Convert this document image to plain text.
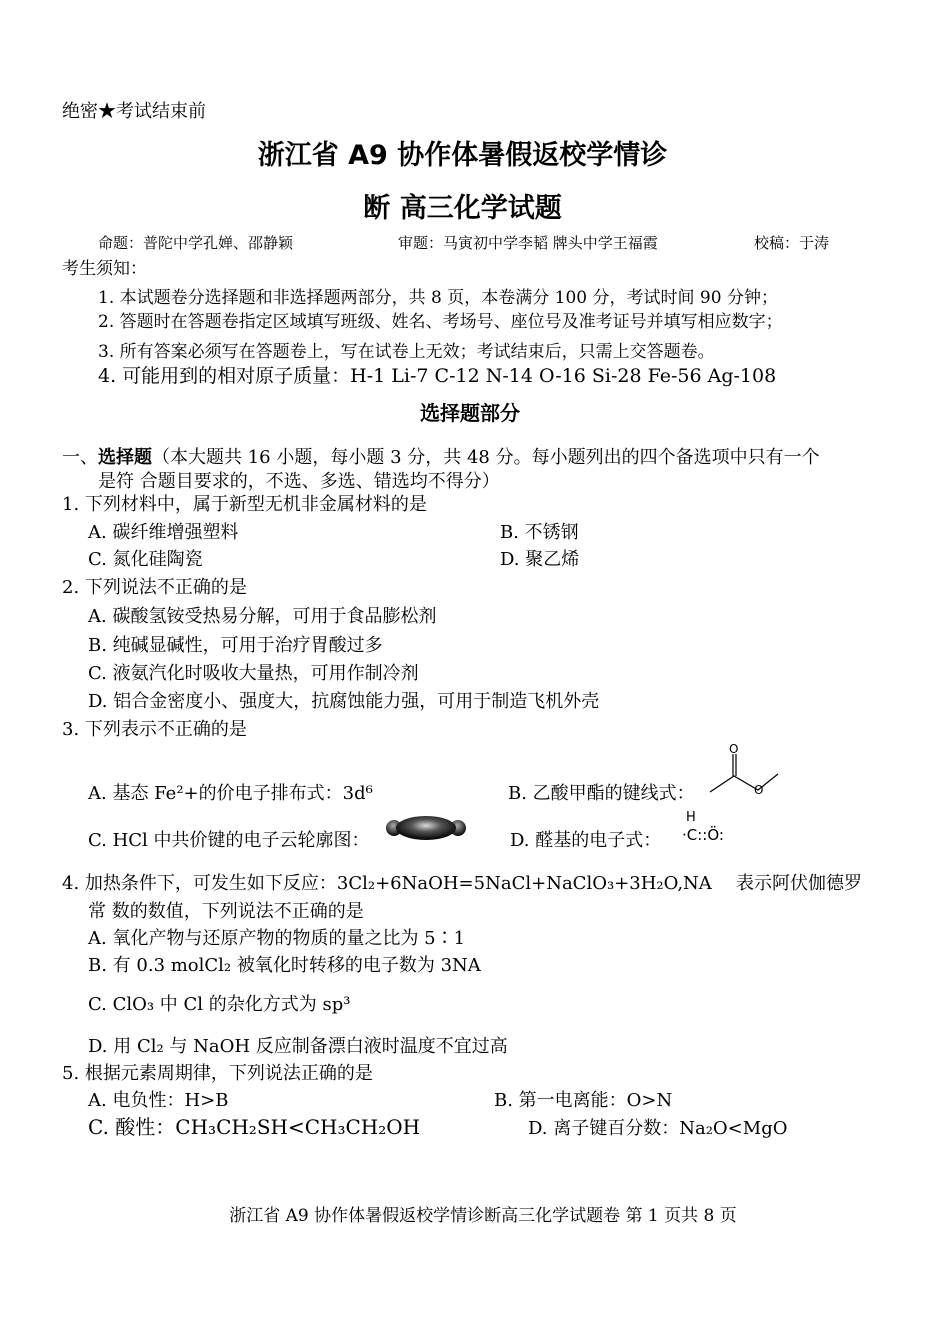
绝密★考试结束前
浙江省 A9 协作体暑假返校学情诊
断 高三化学试题
命题：普陀中学孔婵、邵静颖	审题：马寅初中学李韬 牌头中学王福霞	校稿：于涛
考生须知：
1. 本试题卷分选择题和非选择题两部分，共 8 页，本卷满分 100 分，考试时间 90 分钟；
2. 答题时在答题卷指定区域填写班级、姓名、考场号、座位号及准考证号并填写相应数字；
3. 所有答案必须写在答题卷上，写在试卷上无效；考试结束后，只需上交答题卷。
4. 可能用到的相对原子质量：H-1 Li-7 C-12 N-14 O-16 Si-28 Fe-56 Ag-108
选择题部分
一、选择题（本大题共 16 小题，每小题 3 分，共 48 分。每小题列出的四个备选项中只有一个
是符 合题目要求的，不选、多选、错选均不得分）
1. 下列材料中，属于新型无机非金属材料的是
A. 碳纤维增强塑料	B. 不锈钢
C. 氮化硅陶瓷	D. 聚乙烯
2. 下列说法不正确的是
A. 碳酸氢铵受热易分解，可用于食品膨松剂
B. 纯碱显碱性，可用于治疗胃酸过多
C. 液氨汽化时吸收大量热，可用作制冷剂
D. 铝合金密度小、强度大，抗腐蚀能力强，可用于制造飞机外壳
3. 下列表示不正确的是
A. 基态 Fe²+的价电子排布式：3d⁶	B. 乙酸甲酯的键线式：
O
O
C. HCl 中共价键的电子云轮廓图：	D. 醛基的电子式：
H
·C::Ö:
4. 加热条件下，可发生如下反应：3Cl₂+6NaOH=5NaCl+NaClO₃+3H₂O,NA 表示阿伏伽德罗
常 数的数值，下列说法不正确的是
A. 氧化产物与还原产物的物质的量之比为 5∶1
B. 有 0.3 molCl₂ 被氧化时转移的电子数为 3NA
C. ClO₃ 中 Cl 的杂化方式为 sp³
D. 用 Cl₂ 与 NaOH 反应制备漂白液时温度不宜过高
5. 根据元素周期律，下列说法正确的是
A. 电负性：H>B	B. 第一电离能：O>N
C. 酸性：CH₃CH₂SH<CH₃CH₂OH	D. 离子键百分数：Na₂O<MgO
浙江省 A9 协作体暑假返校学情诊断高三化学试题卷 第 1 页共 8 页
